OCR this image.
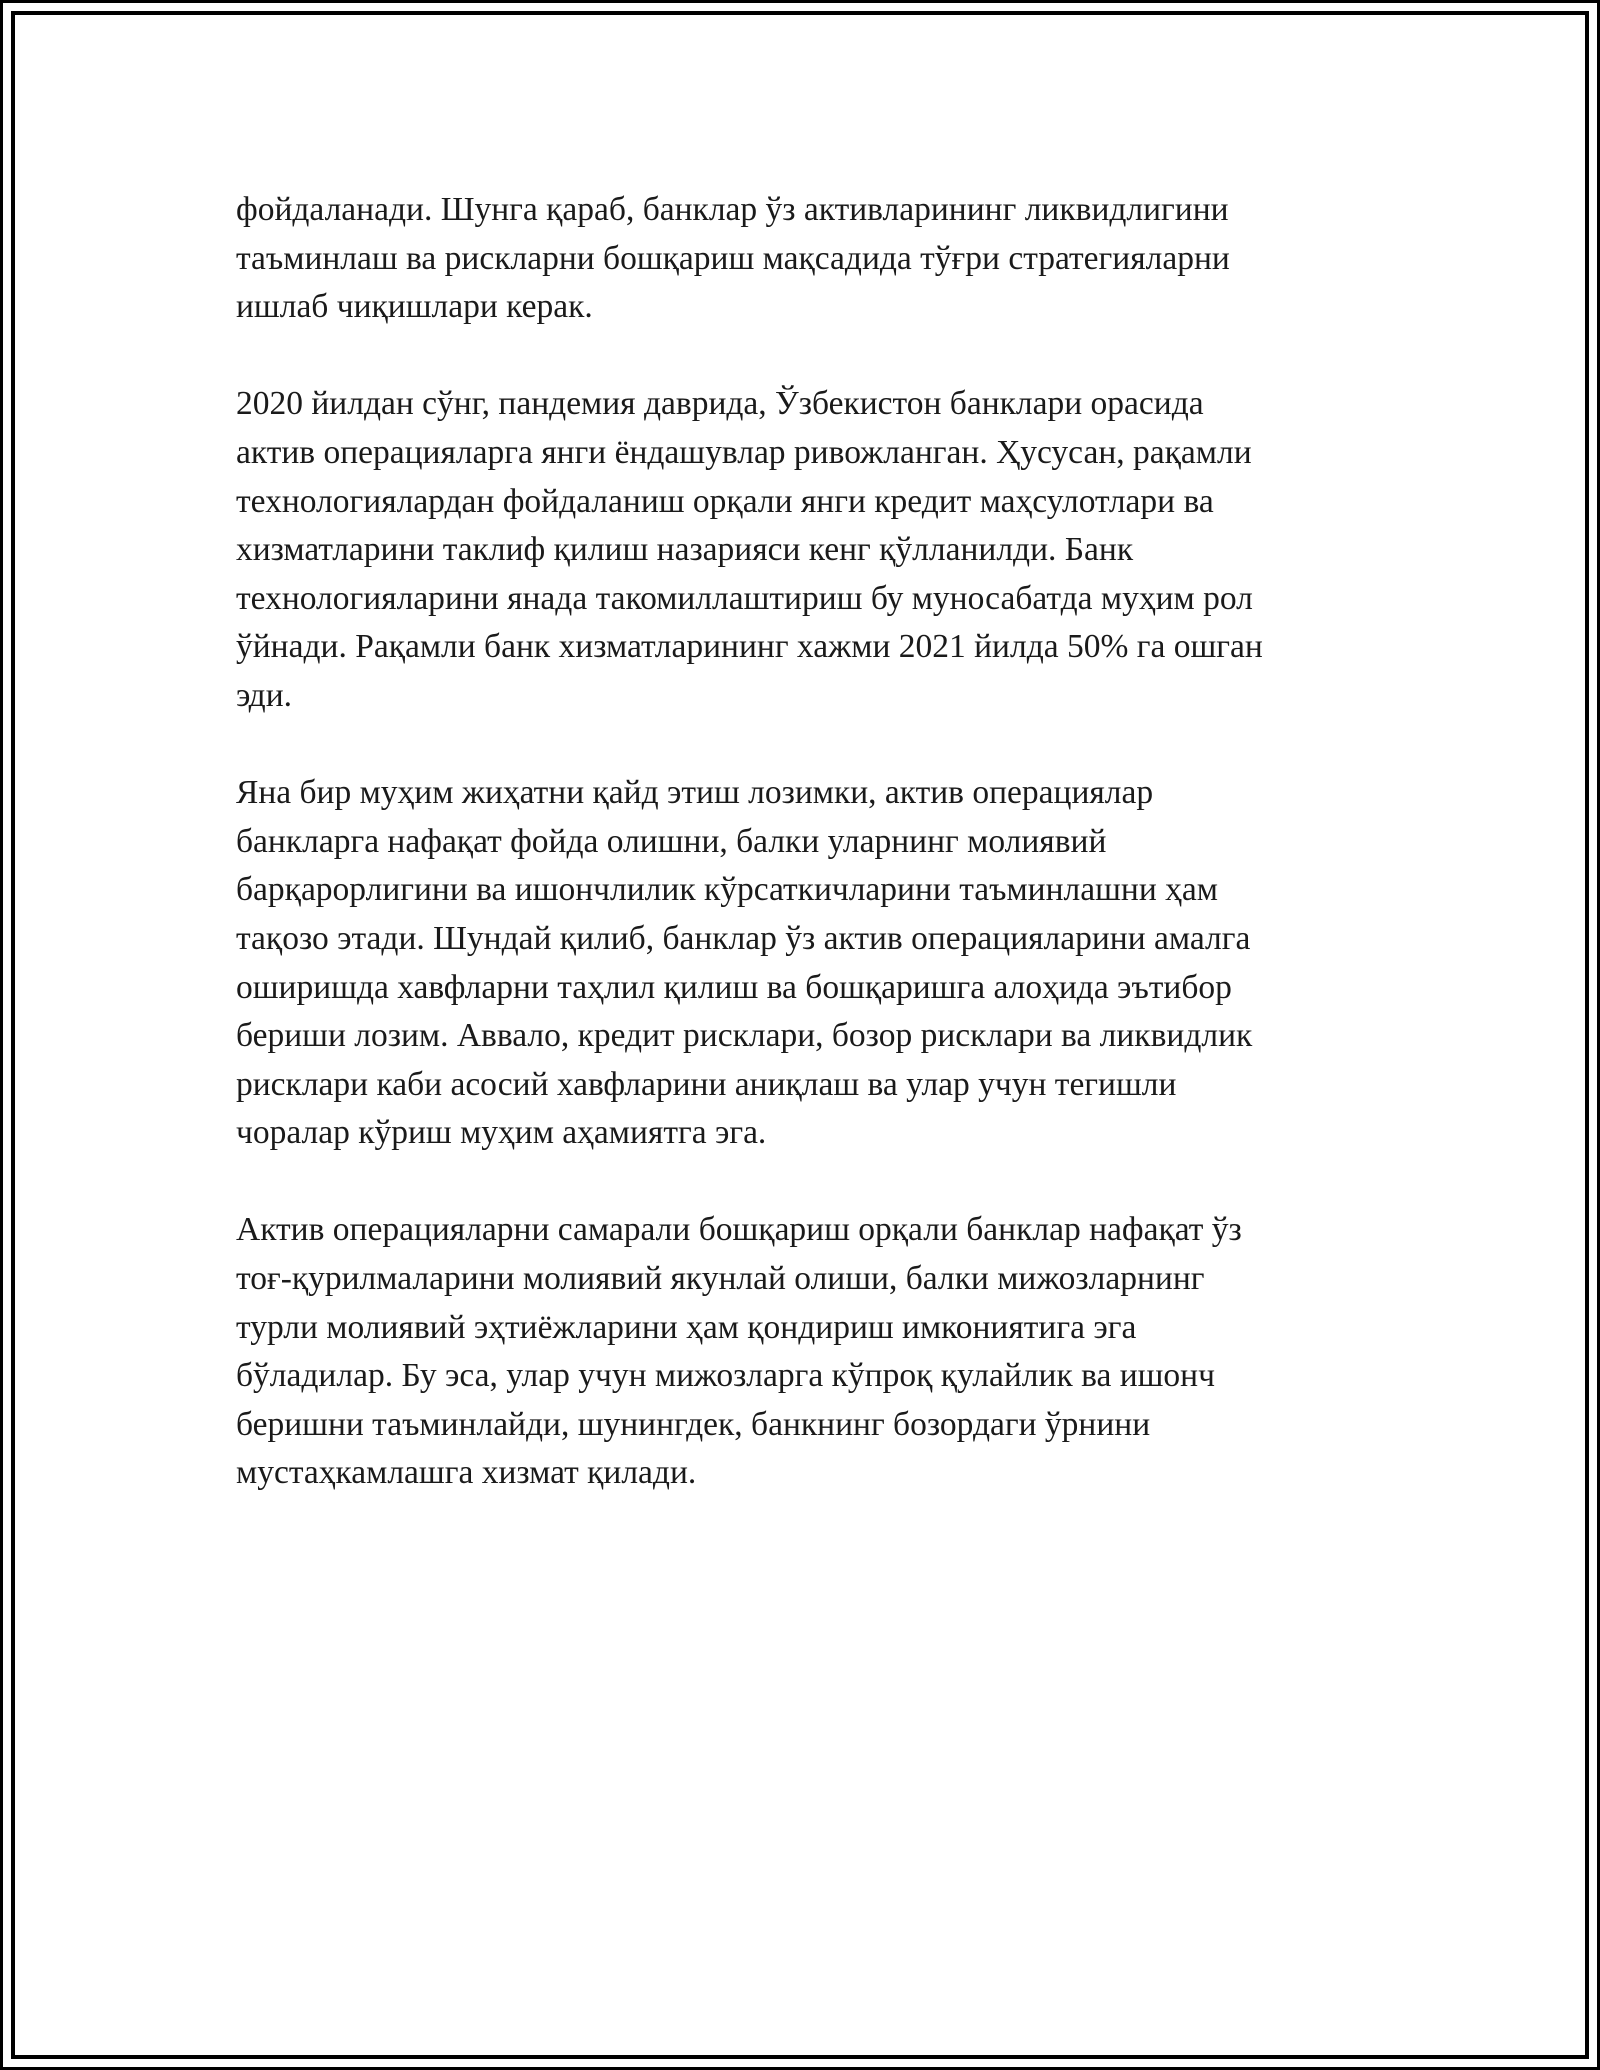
фойдаланади. Шунга қараб, банклар ўз активларининг ликвидлигини
таъминлаш ва рискларни бошқариш мақсадида тўғри стратегияларни
ишлаб чиқишлари керак.

2020 йилдан сўнг, пандемия даврида, Ўзбекистон банклари орасида
актив операцияларга янги ёндашувлар ривожланган. Ҳусусан, рақамли
технологиялардан фойдаланиш орқали янги кредит маҳсулотлари ва
хизматларини таклиф қилиш назарияси кенг қўлланилди. Банк
технологияларини янада такомиллаштириш бу муносабатда муҳим рол
ўйнади. Рақамли банк хизматларининг хажми 2021 йилда 50% га ошган
эди.

Яна бир муҳим жиҳатни қайд этиш лозимки, актив операциялар
банкларга нафақат фойда олишни, балки уларнинг молиявий
барқарорлигини ва ишончлилик кўрсаткичларини таъминлашни ҳам
тақозо этади. Шундай қилиб, банклар ўз актив операцияларини амалга
оширишда хавфларни таҳлил қилиш ва бошқаришга алоҳида эътибор
бериши лозим. Аввало, кредит рисклари, бозор рисклари ва ликвидлик
рисклари каби асосий хавфларини аниқлаш ва улар учун тегишли
чоралар кўриш муҳим аҳамиятга эга.

Актив операцияларни самарали бошқариш орқали банклар нафақат ўз
тоғ-қурилмаларини молиявий якунлай олиши, балки мижозларнинг
турли молиявий эҳтиёжларини ҳам қондириш имкониятига эга
бўладилар. Бу эса, улар учун мижозларга кўпроқ қулайлик ва ишонч
беришни таъминлайди, шунингдек, банкнинг бозордаги ўрнини
мустаҳкамлашга хизмат қилади.
